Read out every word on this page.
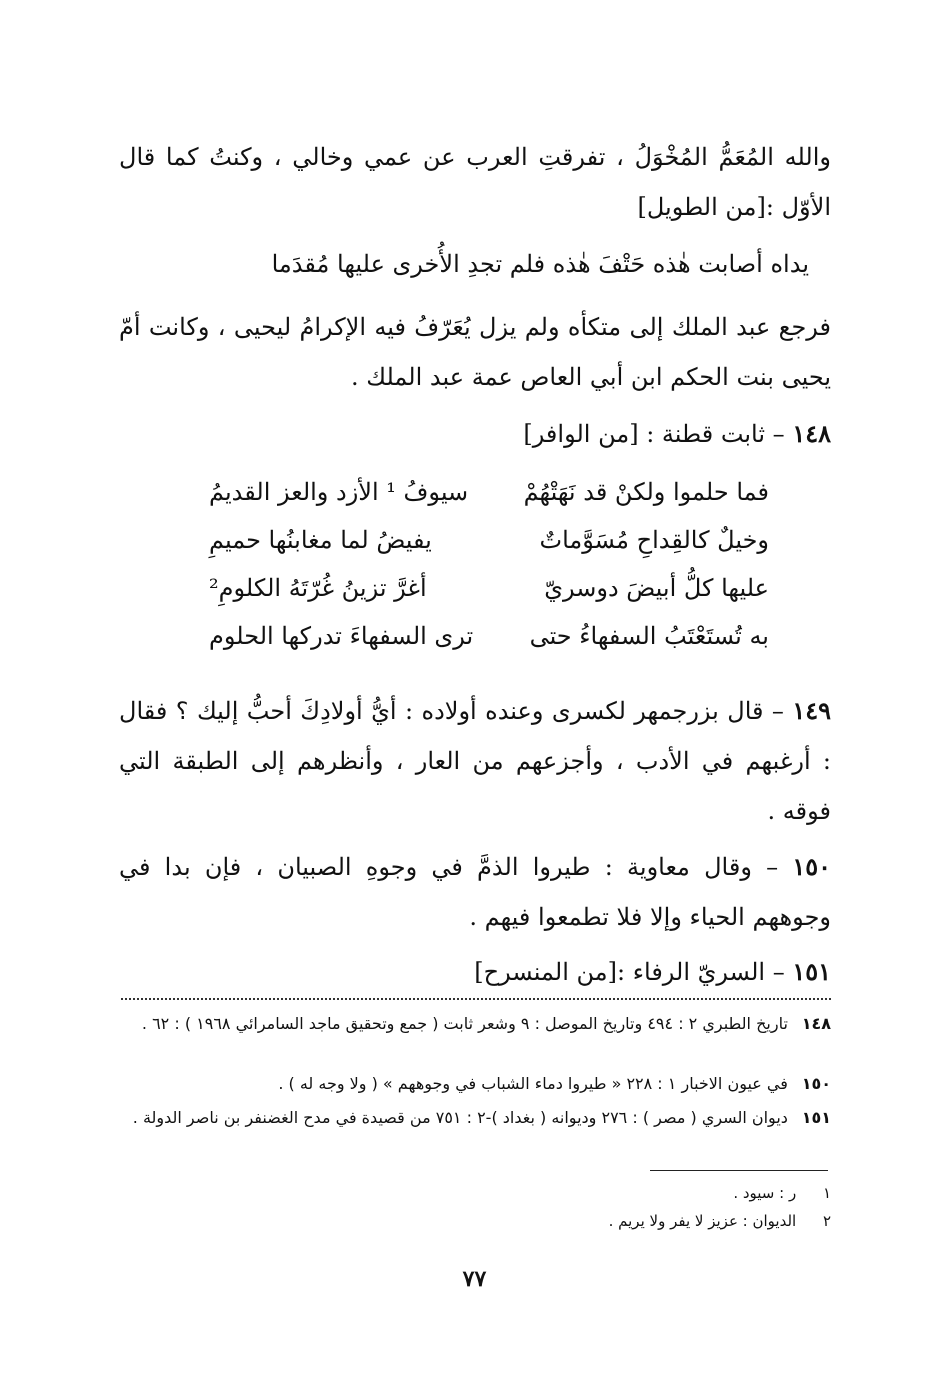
والله المُعَمُّ المُخْوَلُ ، تفرقتِ العرب عن عمي وخالي ، وكنتُ كما قال الأوّل :[من الطويل]

يداه أصابت هٰذه حَتْفَ هٰذه فلم تجدِ الأُخرى عليها مُقدَما

فرجع عبد الملك إلى متكأه ولم يزل يُعَرّفُ فيه الإكرامُ ليحيى ، وكانت أمّ يحيى بنت الحكم ابن أبي العاص عمة عبد الملك .

١٤٨ – ثابت قطنة : [من الوافر]
فما حلموا ولكنْ قد نَهَتْهُمْ
سيوفُ ¹ الأزد والعز القديمُ
وخيلٌ كالقِداحِ مُسَوَّماتٌ
يفيضُ لما مغابنُها حميمِ
عليها كلُّ أبيضَ دوسريّ
أغرَّ تزينُ غُرّتَهُ الكلومِ²
به تُستَعْتَبُ السفهاءُ حتى
ترى السفهاءَ تدركها الحلوم

١٤٩ – قال بزرجمهر لكسرى وعنده أولاده : أيُّ أولادِكَ أحبُّ إليك ؟ فقال : أرغبهم في الأدب ، وأجزعهم من العار ، وأنظرهم إلى الطبقة التي فوقه .

١٥٠ – وقال معاوية : طيروا الذمَّ في وجوهِ الصبيان ، فإن بدا في وجوههم الحياء وإلا فلا تطمعوا فيهم .

١٥١ – السريّ الرفاء :[من المنسرح]
١٤٨ تاريخ الطبري ٢ : ٤٩٤ وتاريخ الموصل : ٩ وشعر ثابت ( جمع وتحقيق ماجد السامرائي ١٩٦٨ ) : ٦٢ .
١٥٠ في عيون الاخبار ١ : ٢٢٨ « طيروا دماء الشباب في وجوههم » ( ولا وجه له ) .
١٥١ ديوان السري ( مصر ) : ٢٧٦ وديوانه ( بغداد )-٢ : ٧٥١ من قصيدة في مدح الغضنفر بن ناصر الدولة .
١ ر : سيود .
٢ الديوان : عزيز لا يفر ولا يريم .
٧٧
